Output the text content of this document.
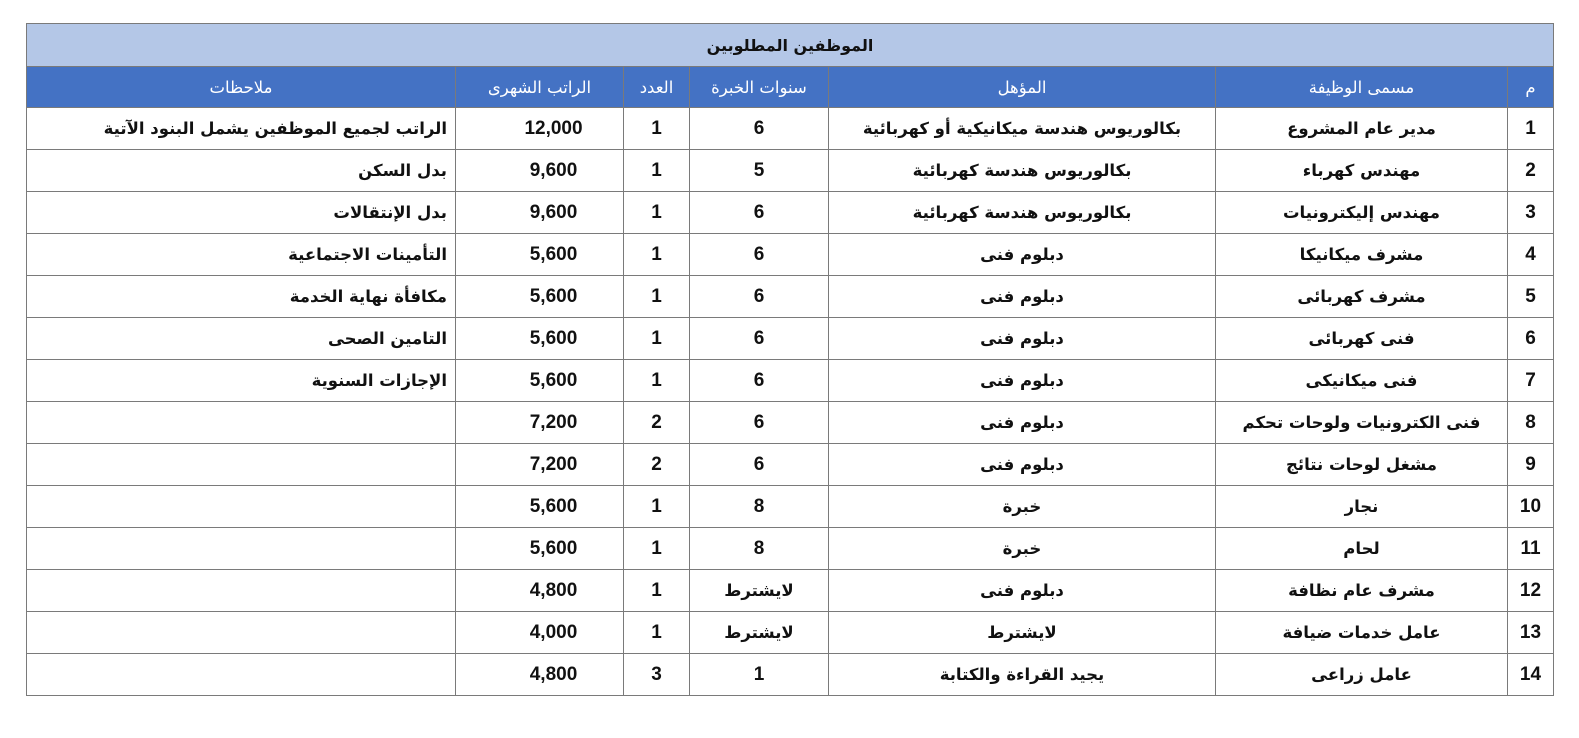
الموظفين المطلوبين						
م	مسمى الوظيفة	المؤهل	سنوات الخبرة	العدد	الراتب الشهرى	ملاحظات
1	مدير عام المشروع	بكالوريوس هندسة ميكانيكية أو كهربائية	6	1	12,000	الراتب لجميع الموظفين يشمل البنود الآتية
2	مهندس كهرباء	بكالوريوس هندسة كهربائية	5	1	9,600	بدل السكن
3	مهندس إليكترونيات	بكالوريوس هندسة كهربائية	6	1	9,600	بدل الإنتقالات
4	مشرف ميكانيكا	دبلوم فنى	6	1	5,600	التأمينات الاجتماعية
5	مشرف كهربائى	دبلوم فنى	6	1	5,600	مكافأة نهاية الخدمة
6	فنى كهربائى	دبلوم فنى	6	1	5,600	التامين الصحى
7	فنى ميكانيكى	دبلوم فنى	6	1	5,600	الإجازات السنوية
8	فنى الكترونيات ولوحات تحكم	دبلوم فنى	6	2	7,200	
9	مشغل لوحات نتائج	دبلوم فنى	6	2	7,200	
10	نجار	خبرة	8	1	5,600	
11	لحام	خبرة	8	1	5,600	
12	مشرف عام نظافة	دبلوم فنى	لايشترط	1	4,800	
13	عامل خدمات ضيافة	لايشترط	لايشترط	1	4,000	
14	عامل زراعى	يجيد القراءة والكتابة	1	3	4,800	
